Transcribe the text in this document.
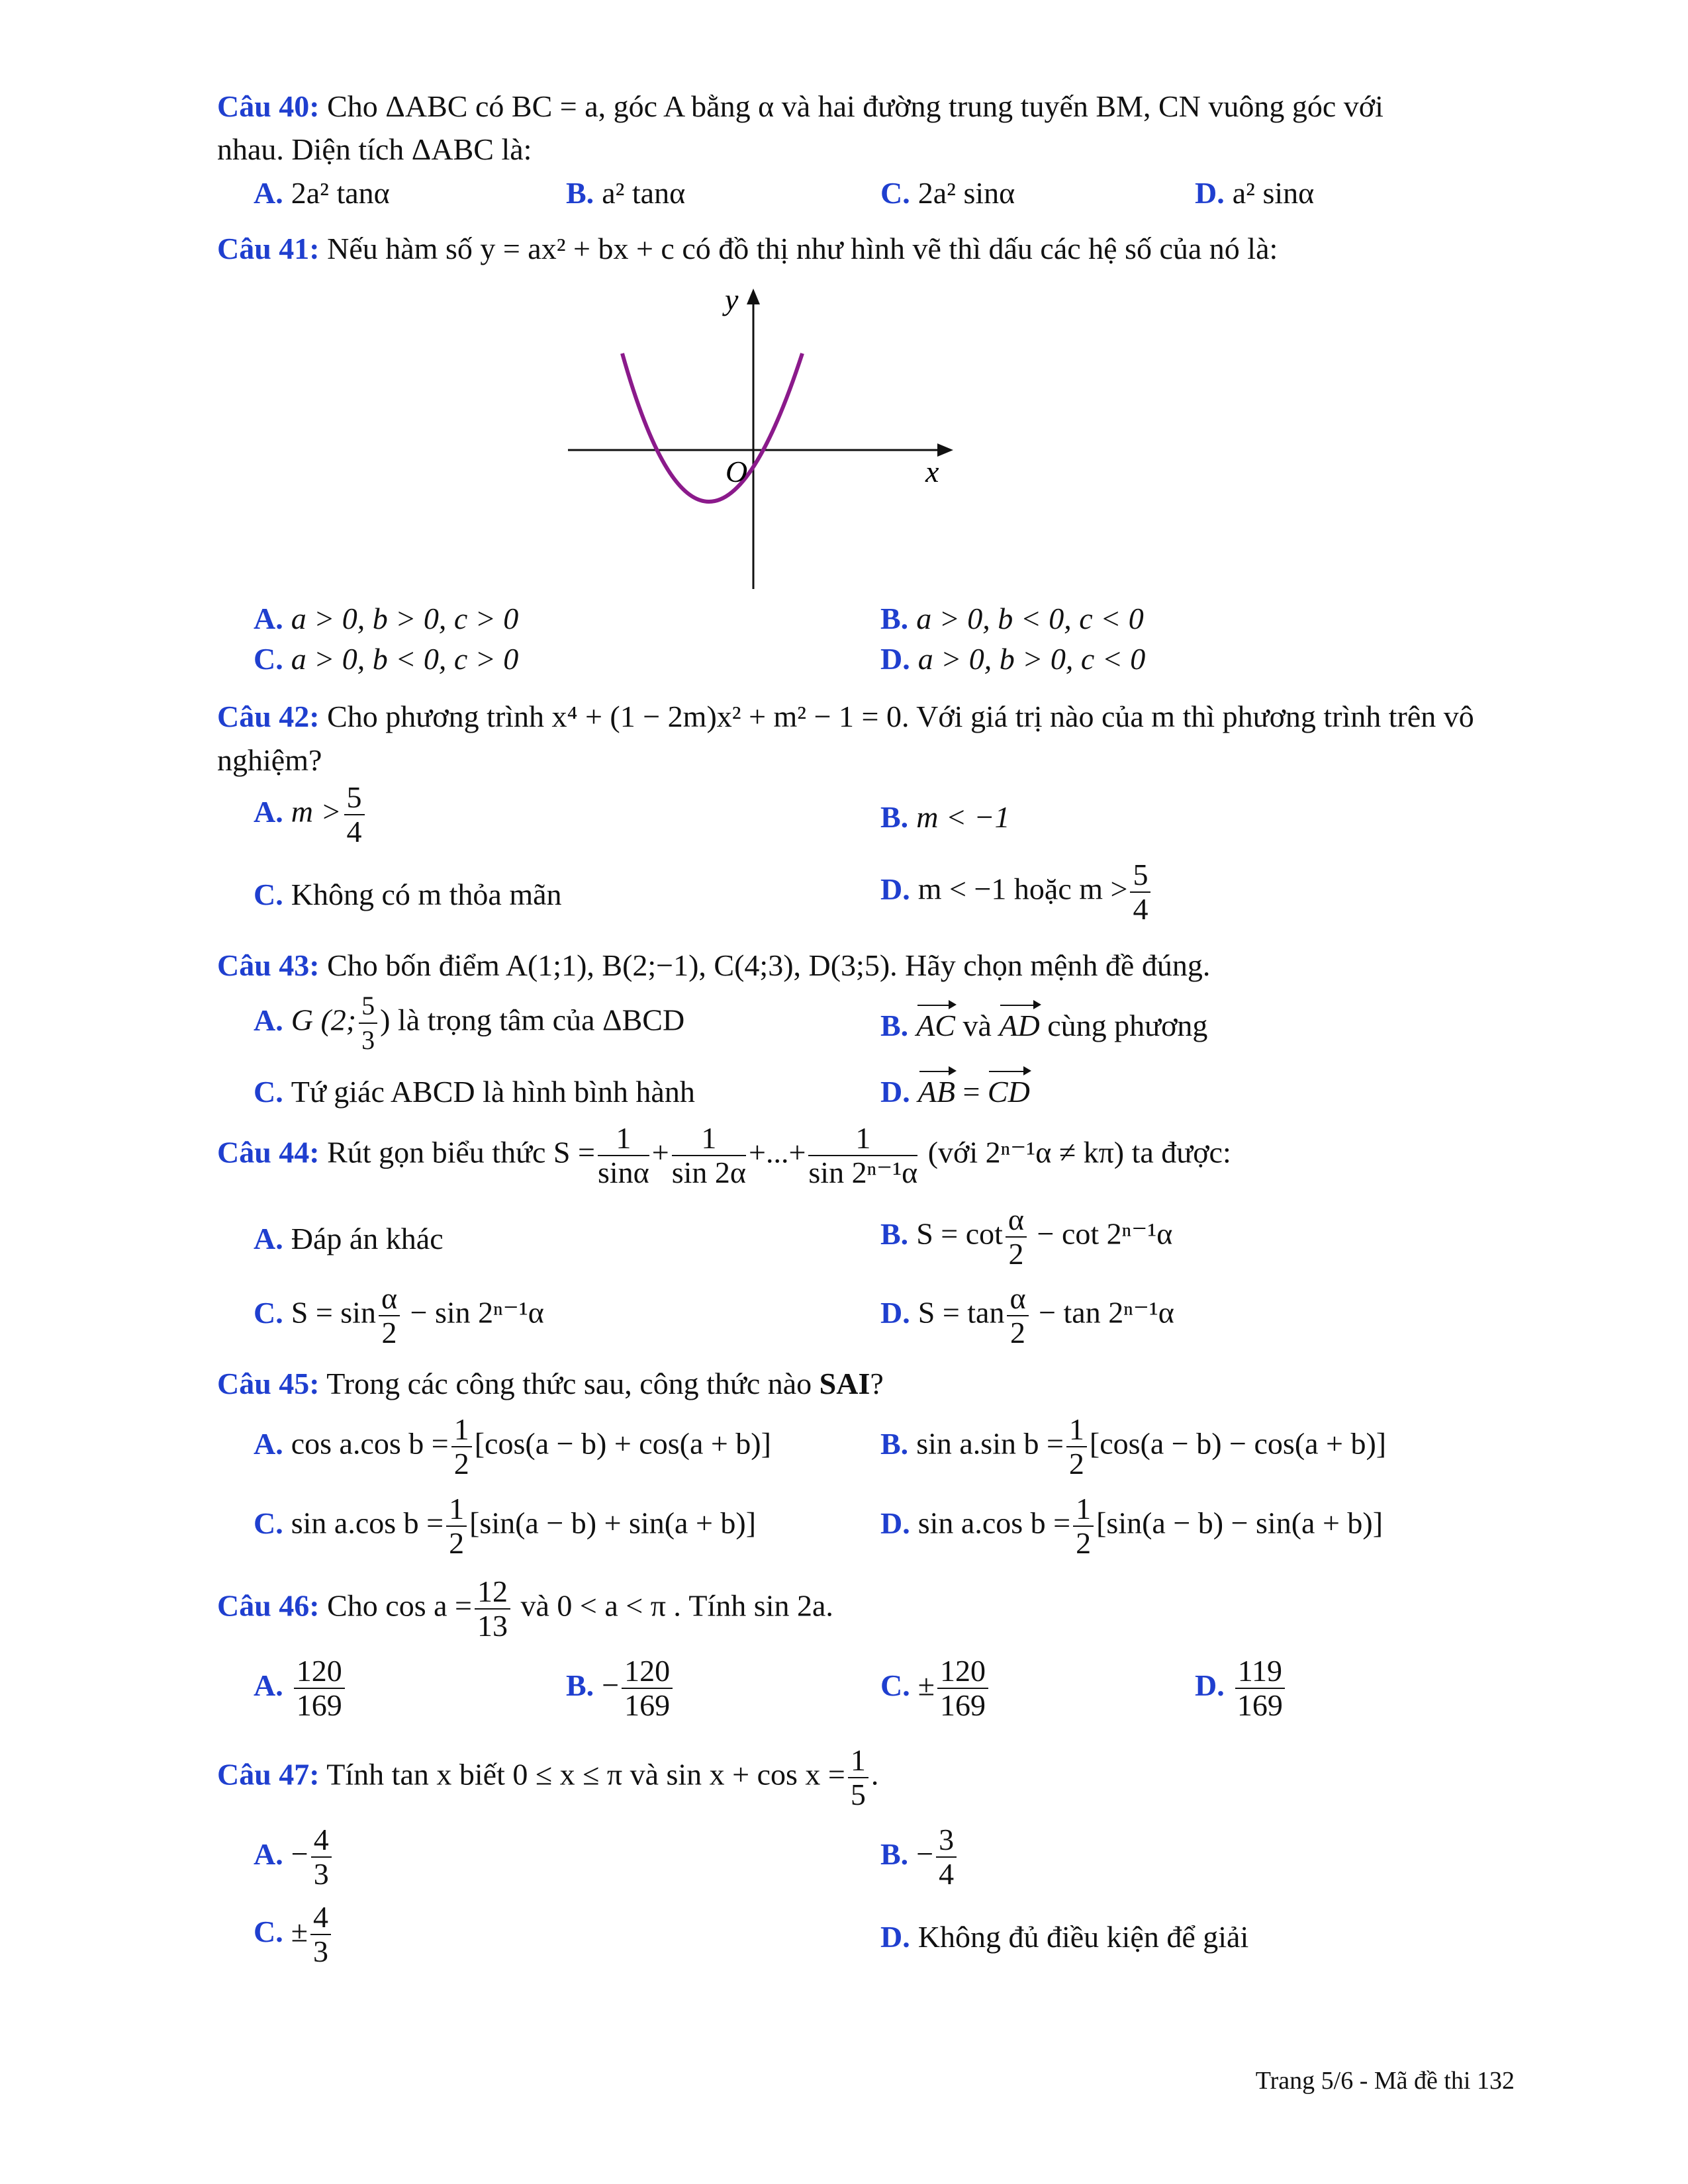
Câu 40: Cho ΔABC có BC = a, góc A bằng α và hai đường trung tuyến BM, CN vuông góc với
nhau. Diện tích ΔABC là:
A. 2a² tanα	B. a² tanα	C. 2a² sinα	D. a² sinα
Câu 41: Nếu hàm số y = ax² + bx + c có đồ thị như hình vẽ thì dấu các hệ số của nó là:
y
x
O
A. a > 0, b > 0, c > 0	B. a > 0, b < 0, c < 0
C. a > 0, b < 0, c > 0	D. a > 0, b > 0, c < 0
Câu 42: Cho phương trình x⁴ + (1 − 2m)x² + m² − 1 = 0. Với giá trị nào của m thì phương trình trên vô
nghiệm?
A. $m > \frac{5}{4}$	B. m < −1
C. Không có m thỏa mãn	D. m < −1 hoặc $m > \frac{5}{4}$
Câu 43: Cho bốn điểm A(1;1), B(2;−1), C(4;3), D(3;5). Hãy chọn mệnh đề đúng.
A. G (2; $\frac{5}{3}$ ) là trọng tâm của ΔBCD	B. AC và AD cùng phương
C. Tứ giác ABCD là hình bình hành	D. AB = CD
Câu 44: Rút gọn biểu thức $S = \frac{1}{\sin\alpha} + \frac{1}{\sin 2\alpha}$ +...+ $\frac{1}{\text{sin 2ⁿ⁻¹α}}$ (với 2ⁿ⁻¹α ≠ kπ) ta được:
A. Đáp án khác	B. $S = \cot \frac{\alpha}{2} - \cot 2^{n-1}\alpha$
C. $S = \sin \frac{\alpha}{2} - \sin 2^{n-1}\alpha$	D. $S = \tan \frac{\alpha}{2} - \tan 2^{n-1}\alpha$
Câu 45: Trong các công thức sau, công thức nào SAI?
A. cos a.cos $b = \frac{1}{2} [\cos(a - b) + \cos(a + b)]$	B. sin a.sin $b = \frac{1}{2} [\cos(a - b) - \cos(a + b)]$
C. sin a.cos $b = \frac{1}{2} [\sin(a - b) + \sin(a + b)]$	D. sin a.cos $b = \frac{1}{2} [\sin(a - b) - \sin(a + b)]$
Câu 46: Cho $\cos a = \frac{12}{13}$ và 0 < a < π . Tính sin 2a.
A. $\frac{120}{169}$	B. − $\frac{120}{169}$	C. ± $\frac{120}{169}$	D. $\frac{119}{169}$
Câu 47: Tính tan x biết 0 ≤ x ≤ π và $\sin x + \cos x = \frac{1}{5}$ .
A. − $\frac{4}{3}$	B. − $\frac{3}{4}$
C. ± $\frac{4}{3}$	D. Không đủ điều kiện để giải
Trang 5/6 - Mã đề thi 132
